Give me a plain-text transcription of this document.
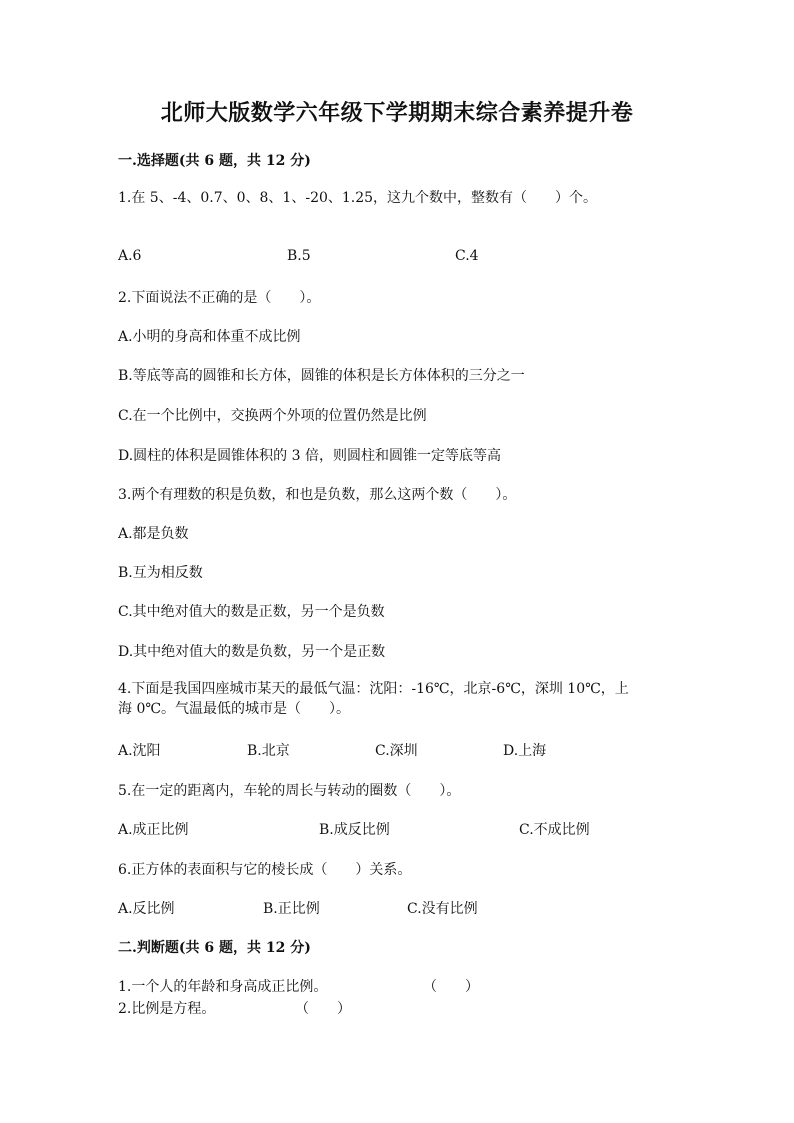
北师大版数学六年级下学期期末综合素养提升卷
一.选择题(共 6 题，共 12 分)
1.在 5、-4、0.7、0、8、1、-20、1.25，这九个数中，整数有（　　）个。
A.6	B.5	C.4
2.下面说法不正确的是（　　）。
A.小明的身高和体重不成比例
B.等底等高的圆锥和长方体，圆锥的体积是长方体体积的三分之一
C.在一个比例中，交换两个外项的位置仍然是比例
D.圆柱的体积是圆锥体积的 3 倍，则圆柱和圆锥一定等底等高
3.两个有理数的积是负数，和也是负数，那么这两个数（　　）。
A.都是负数
B.互为相反数
C.其中绝对值大的数是正数，另一个是负数
D.其中绝对值大的数是负数，另一个是正数
4.下面是我国四座城市某天的最低气温：沈阳：-16℃，北京-6℃，深圳 10℃，上海 0℃。气温最低的城市是（　　）。
A.沈阳	B.北京	C.深圳	D.上海
5.在一定的距离内，车轮的周长与转动的圈数（　　）。
A.成正比例	B.成反比例	C.不成比例
6.正方体的表面积与它的棱长成（　　）关系。
A.反比例	B.正比例	C.没有比例
二.判断题(共 6 题，共 12 分)
1.一个人的年龄和身高成正比例。	（　　）
2.比例是方程。	（　　）
